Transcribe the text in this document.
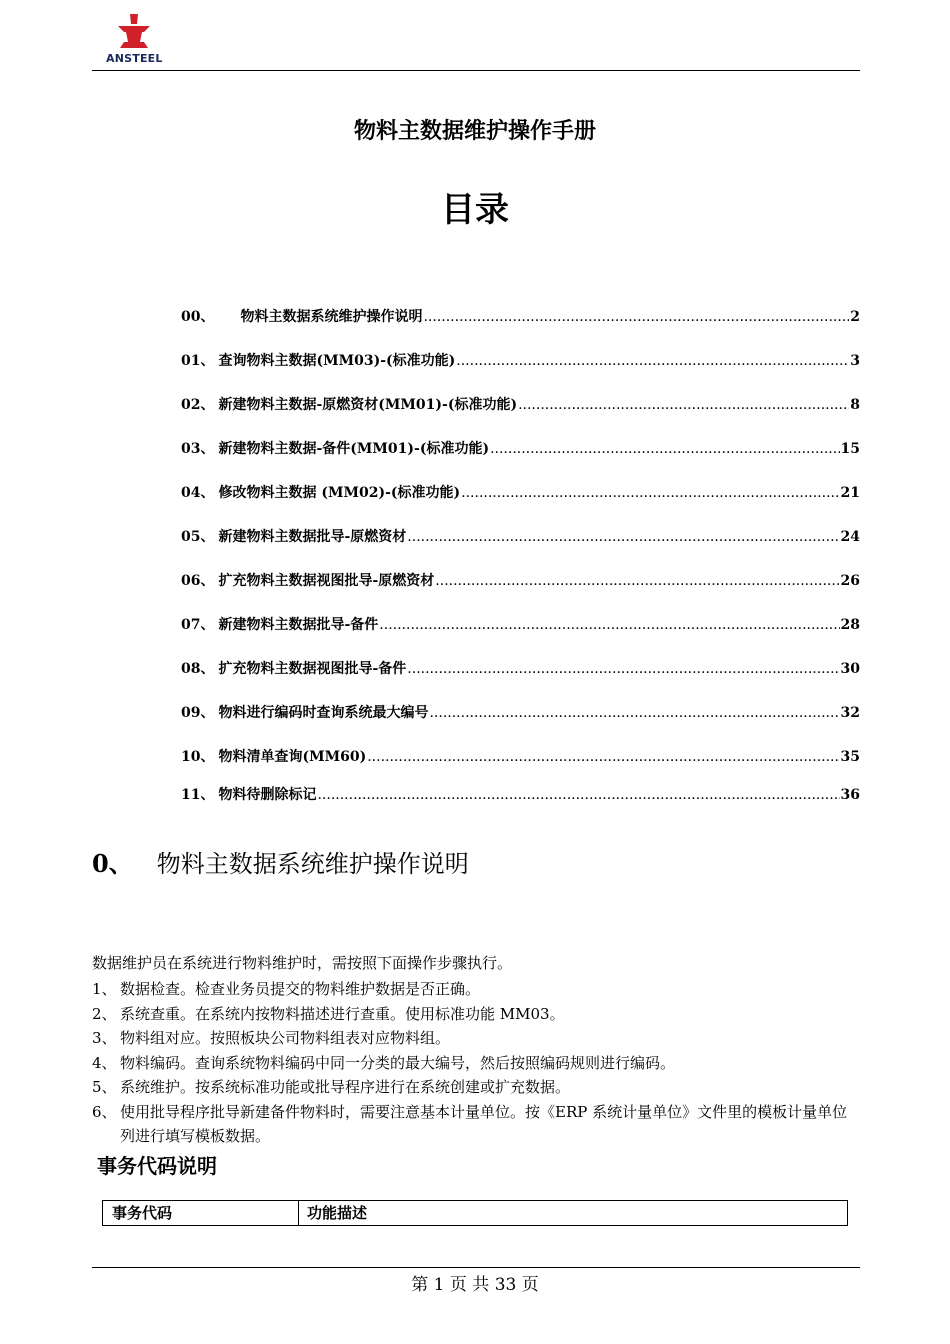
ANSTEEL
物料主数据维护操作手册
目录
00、 物料主数据系统维护操作说明 .....	2
01、 查询物料主数据(MM03)-(标准功能) .....	3
02、 新建物料主数据-原燃资材(MM01)-(标准功能) .....	8
03、 新建物料主数据-备件(MM01)-(标准功能) .....	15
04、 修改物料主数据 (MM02)-(标准功能) .....	21
05、 新建物料主数据批导-原燃资材 .....	24
06、 扩充物料主数据视图批导-原燃资材 .....	26
07、 新建物料主数据批导-备件 .....	28
08、 扩充物料主数据视图批导-备件 .....	30
09、 物料进行编码时查询系统最大编号 .....	32
10、 物料清单查询(MM60) .....	35
11、 物料待删除标记 .....	36
0、 物料主数据系统维护操作说明
数据维护员在系统进行物料维护时，需按照下面操作步骤执行。
1、 数据检查。检查业务员提交的物料维护数据是否正确。
2、 系统查重。在系统内按物料描述进行查重。使用标准功能 MM03。
3、 物料组对应。按照板块公司物料组表对应物料组。
4、 物料编码。查询系统物料编码中同一分类的最大编号，然后按照编码规则进行编码。
5、 系统维护。按系统标准功能或批导程序进行在系统创建或扩充数据。
6、 使用批导程序批导新建备件物料时，需要注意基本计量单位。按《ERP 系统计量单位》文件里的模板计量单位列进行填写模板数据。
事务代码说明
事务代码	功能描述
第 1 页 共 33 页
